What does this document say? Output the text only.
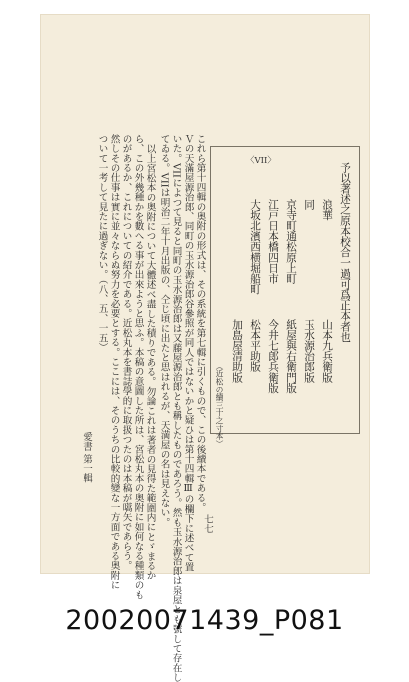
これら第十四輯の奥附の形式は、その系統を第七輯に引くもので、この後續本である。
Ｖの天滿屋源治郎、同町の玉水源治郎谷參照が同人ではないかと疑ひは第十四輯Ⅲの欄下に述べて置
いた。VIIによつて見ると同町の玉水源治郎は又藤屋源治郎とも稱したものであろう。然も玉水源治郎は泉屋とも號して存在し
てゐる。VIIは明治二年十月出版の、仝じ頃に出たと思はれるが、天満屋の名は見えない。
以上宮松本の奥附について大體述べ盡した積りである。勿論これは著者の見得た範圍内にとゞまるか
ら、この外幾種かを數へる事が出來ようと思ふ。本稿の意圖した所は、宮松丸本の奥附に如何なる種類のも
のがあるか、これについての紹介である。近松丸本を書誌學的に取扱つたのは本稿が嚆矢であらう。
然しその仕事は實に並々ならぬ努力を必要とする。ここには、そのうちの比較的變な一方面である奥附に
ついて一考して見たに過ぎない。（八、五、一五）	〈VII〉
予以著述之原本校合一過可爲正本者也
浪華
同
京寺町通松原上町
江戸日本橋四日市
大坂北濱西横堀船町
山本九兵衛版
玉水源治郎版
紙屋與右衛門版
今井七郎兵衛版
松本平助版
加島屋清助版
（近松の續三十之寸本）
愛書 第一輯
七七
20020071439_P081
